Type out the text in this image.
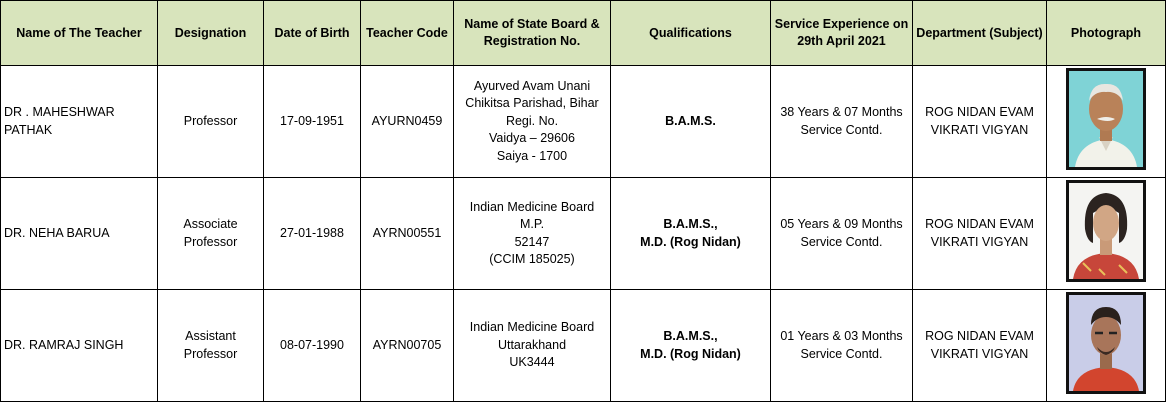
Name of The Teacher	Designation	Date of Birth	Teacher Code	Name of State Board & Registration No.	Qualifications	Service Experience on 29th April 2021	Department (Subject)	Photograph
DR . MAHESHWAR PATHAK	Professor	17-09-1951	AYURN0459	Ayurved Avam Unani
Chikitsa Parishad, Bihar
Regi. No.
Vaidya – 29606
Saiya - 1700	B.A.M.S.	38 Years & 07 Months
Service Contd.	ROG NIDAN EVAM
VIKRATI VIGYAN

DR. NEHA BARUA	Associate Professor	27-01-1988	AYRN00551	Indian Medicine Board
M.P.
52147
(CCIM 185025)	B.A.M.S.,
M.D. (Rog Nidan)	05 Years & 09 Months
Service Contd.	ROG NIDAN EVAM
VIKRATI VIGYAN

DR. RAMRAJ SINGH	Assistant Professor	08-07-1990	AYRN00705	Indian Medicine Board
Uttarakhand
UK3444	B.A.M.S.,
M.D. (Rog Nidan)	01 Years & 03 Months
Service Contd.	ROG NIDAN EVAM
VIKRATI VIGYAN
